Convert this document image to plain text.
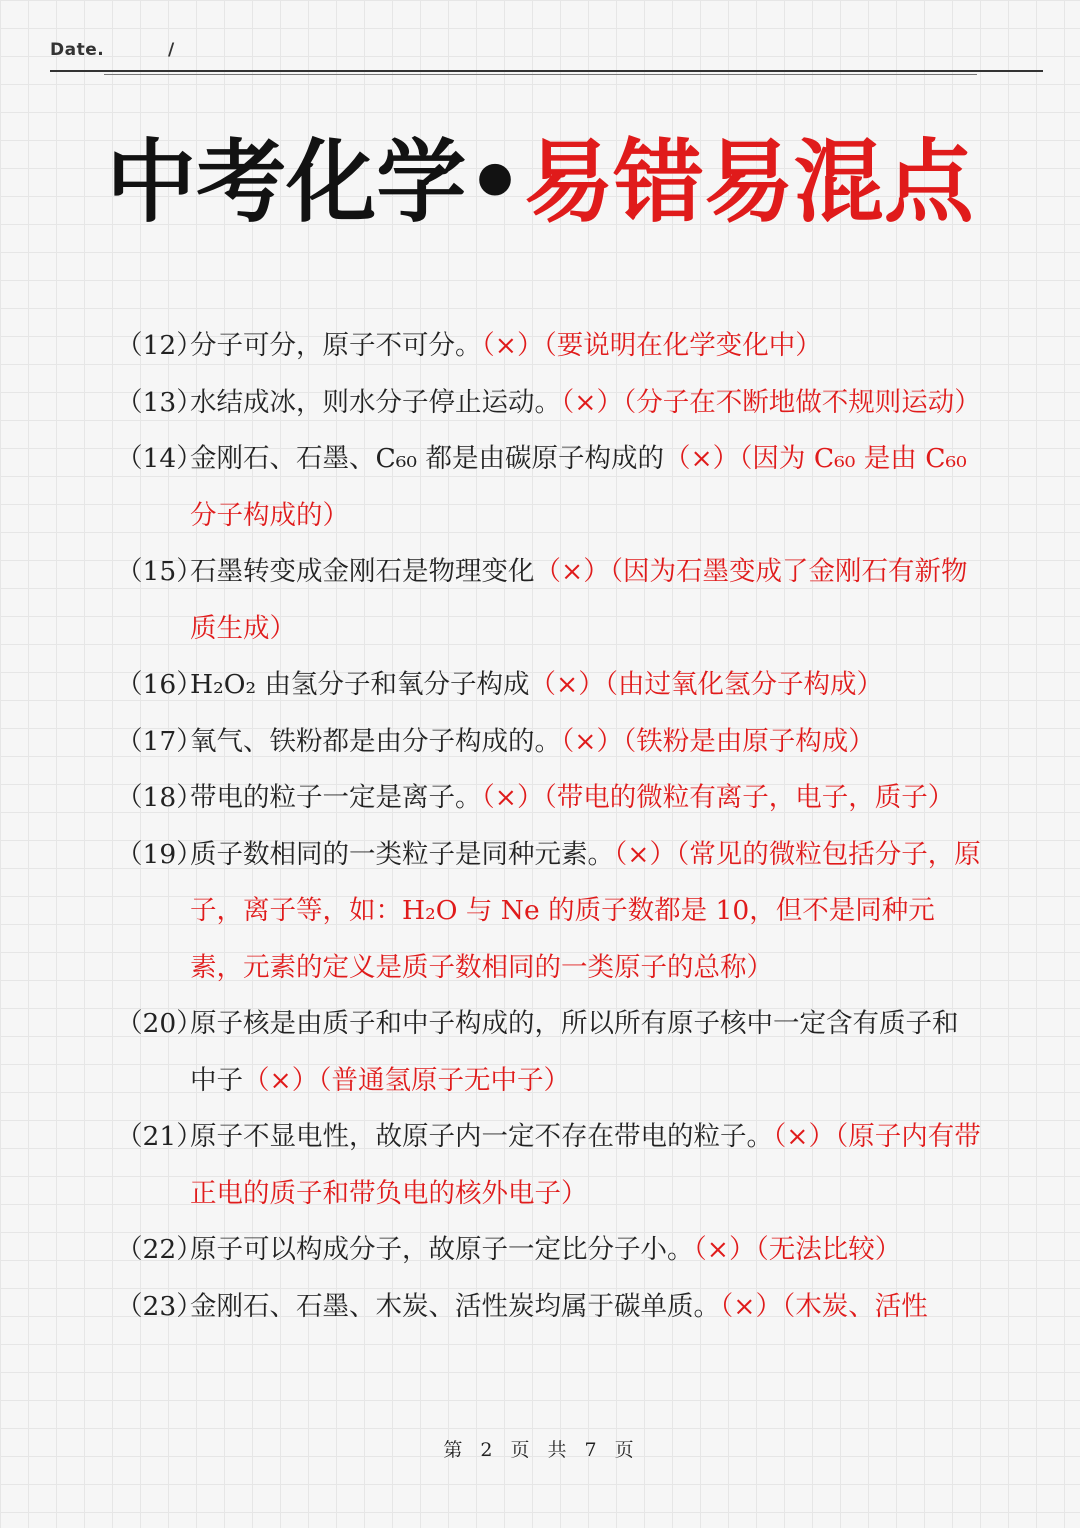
Date.	/
中考化学•易错易混点
（12）
分子可分，原子不可分。（×）（要说明在化学变化中）
（13）
水结成冰，则水分子停止运动。（×）（分子在不断地做不规则运动）
（14）
金刚石、石墨、C₆₀ 都是由碳原子构成的（×）（因为 C₆₀ 是由 C₆₀ 分子构成的）
（15）
石墨转变成金刚石是物理变化（×）（因为石墨变成了金刚石有新物质生成）
（16）
H₂O₂ 由氢分子和氧分子构成（×）（由过氧化氢分子构成）
（17）
氧气、铁粉都是由分子构成的。（×）（铁粉是由原子构成）
（18）
带电的粒子一定是离子。（×）（带电的微粒有离子，电子，质子）
（19）
质子数相同的一类粒子是同种元素。（×）（常见的微粒包括分子，原子，离子等，如：H₂O 与 Ne 的质子数都是 10，但不是同种元素，元素的定义是质子数相同的一类原子的总称）
（20）
原子核是由质子和中子构成的，所以所有原子核中一定含有质子和中子（×）（普通氢原子无中子）
（21）
原子不显电性，故原子内一定不存在带电的粒子。（×）（原子内有带正电的质子和带负电的核外电子）
（22）
原子可以构成分子，故原子一定比分子小。（×）（无法比较）
（23）
金刚石、石墨、木炭、活性炭均属于碳单质。（×）（木炭、活性
第 2 页 共 7 页
